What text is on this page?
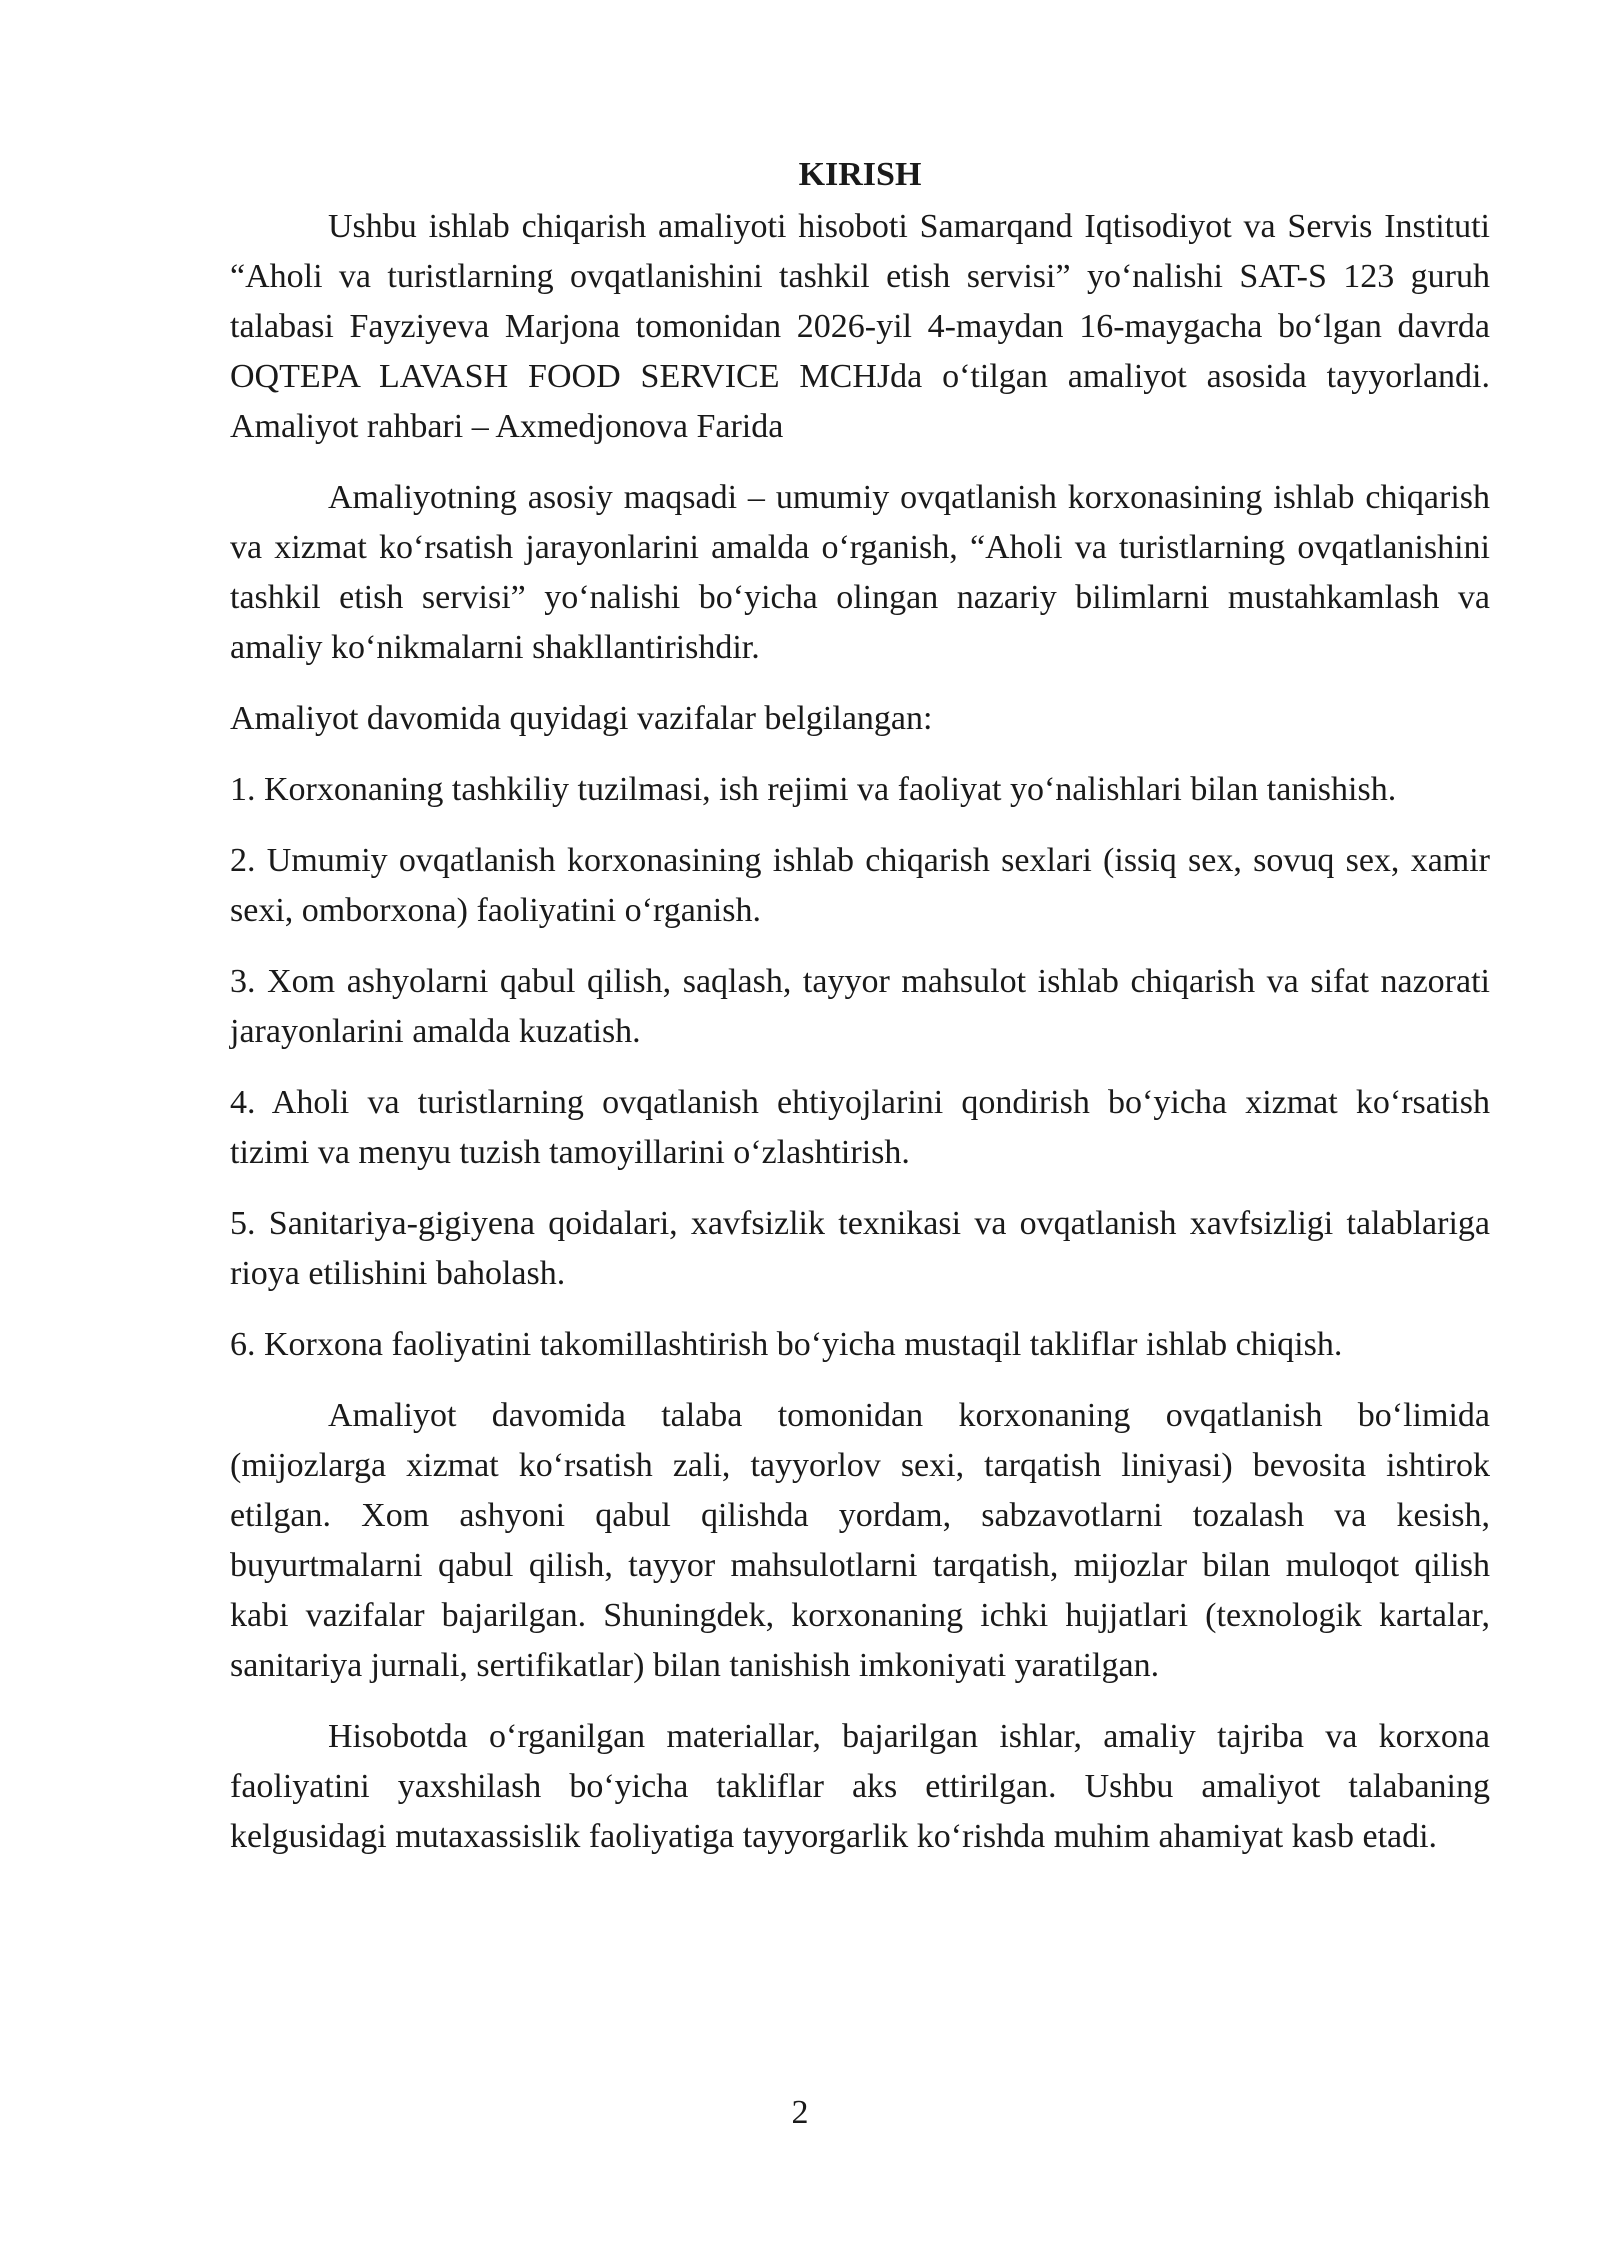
KIRISH

Ushbu ishlab chiqarish amaliyoti hisoboti Samarqand Iqtisodiyot va Servis Instituti “Aholi va turistlarning ovqatlanishini tashkil etish servisi” yo‘nalishi SAT-S 123 guruh talabasi Fayziyeva Marjona tomonidan 2026-yil 4-maydan 16-maygacha bo‘lgan davrda OQTEPA LAVASH FOOD SERVICE MCHJda o‘tilgan amaliyot asosida tayyorlandi. Amaliyot rahbari – Axmedjonova Farida

Amaliyotning asosiy maqsadi – umumiy ovqatlanish korxonasining ishlab chiqarish va xizmat ko‘rsatish jarayonlarini amalda o‘rganish, “Aholi va turistlarning ovqatlanishini tashkil etish servisi” yo‘nalishi bo‘yicha olingan nazariy bilimlarni mustahkamlash va amaliy ko‘nikmalarni shakllantirishdir.

Amaliyot davomida quyidagi vazifalar belgilangan:

1. Korxonaning tashkiliy tuzilmasi, ish rejimi va faoliyat yo‘nalishlari bilan tanishish.

2. Umumiy ovqatlanish korxonasining ishlab chiqarish sexlari (issiq sex, sovuq sex, xamir sexi, omborxona) faoliyatini o‘rganish.

3. Xom ashyolarni qabul qilish, saqlash, tayyor mahsulot ishlab chiqarish va sifat nazorati jarayonlarini amalda kuzatish.

4. Aholi va turistlarning ovqatlanish ehtiyojlarini qondirish bo‘yicha xizmat ko‘rsatish tizimi va menyu tuzish tamoyillarini o‘zlashtirish.

5. Sanitariya-gigiyena qoidalari, xavfsizlik texnikasi va ovqatlanish xavfsizligi talablariga rioya etilishini baholash.

6. Korxona faoliyatini takomillashtirish bo‘yicha mustaqil takliflar ishlab chiqish.

Amaliyot davomida talaba tomonidan korxonaning ovqatlanish bo‘limida (mijozlarga xizmat ko‘rsatish zali, tayyorlov sexi, tarqatish liniyasi) bevosita ishtirok etilgan. Xom ashyoni qabul qilishda yordam, sabzavotlarni tozalash va kesish, buyurtmalarni qabul qilish, tayyor mahsulotlarni tarqatish, mijozlar bilan muloqot qilish kabi vazifalar bajarilgan. Shuningdek, korxonaning ichki hujjatlari (texnologik kartalar, sanitariya jurnali, sertifikatlar) bilan tanishish imkoniyati yaratilgan.

Hisobotda o‘rganilgan materiallar, bajarilgan ishlar, amaliy tajriba va korxona faoliyatini yaxshilash bo‘yicha takliflar aks ettirilgan. Ushbu amaliyot talabaning kelgusidagi mutaxassislik faoliyatiga tayyorgarlik ko‘rishda muhim ahamiyat kasb etadi.

2
